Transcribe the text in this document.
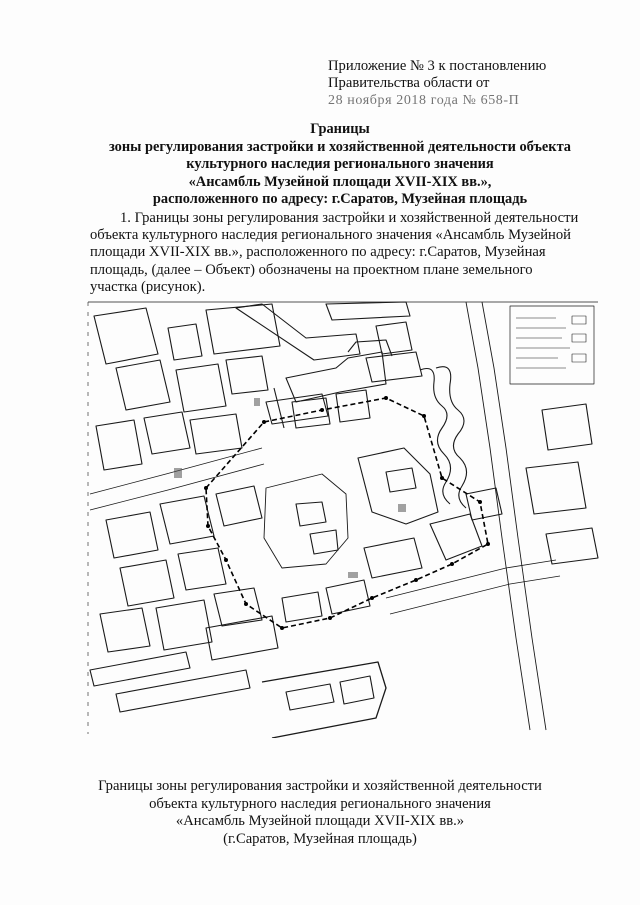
Приложение № 3 к постановлению
Правительства области от
28 ноября 2018 года № 658-П
Границы
зоны регулирования застройки и хозяйственной деятельности объекта
культурного наследия регионального значения
«Ансамбль Музейной площади XVII-XIX вв.»,
расположенного по адресу: г.Саратов, Музейная площадь
1. Границы зоны регулирования застройки и хозяйственной деятельности
объекта культурного наследия регионального значения «Ансамбль Музейной
площади XVII-XIX вв.», расположенного по адресу: г.Саратов, Музейная
площадь, (далее – Объект) обозначены на проектном плане земельного
участка (рисунок).
Границы зоны регулирования застройки и хозяйственной деятельности
объекта культурного наследия регионального значения
«Ансамбль Музейной площади XVII-XIX вв.»
(г.Саратов, Музейная площадь)
